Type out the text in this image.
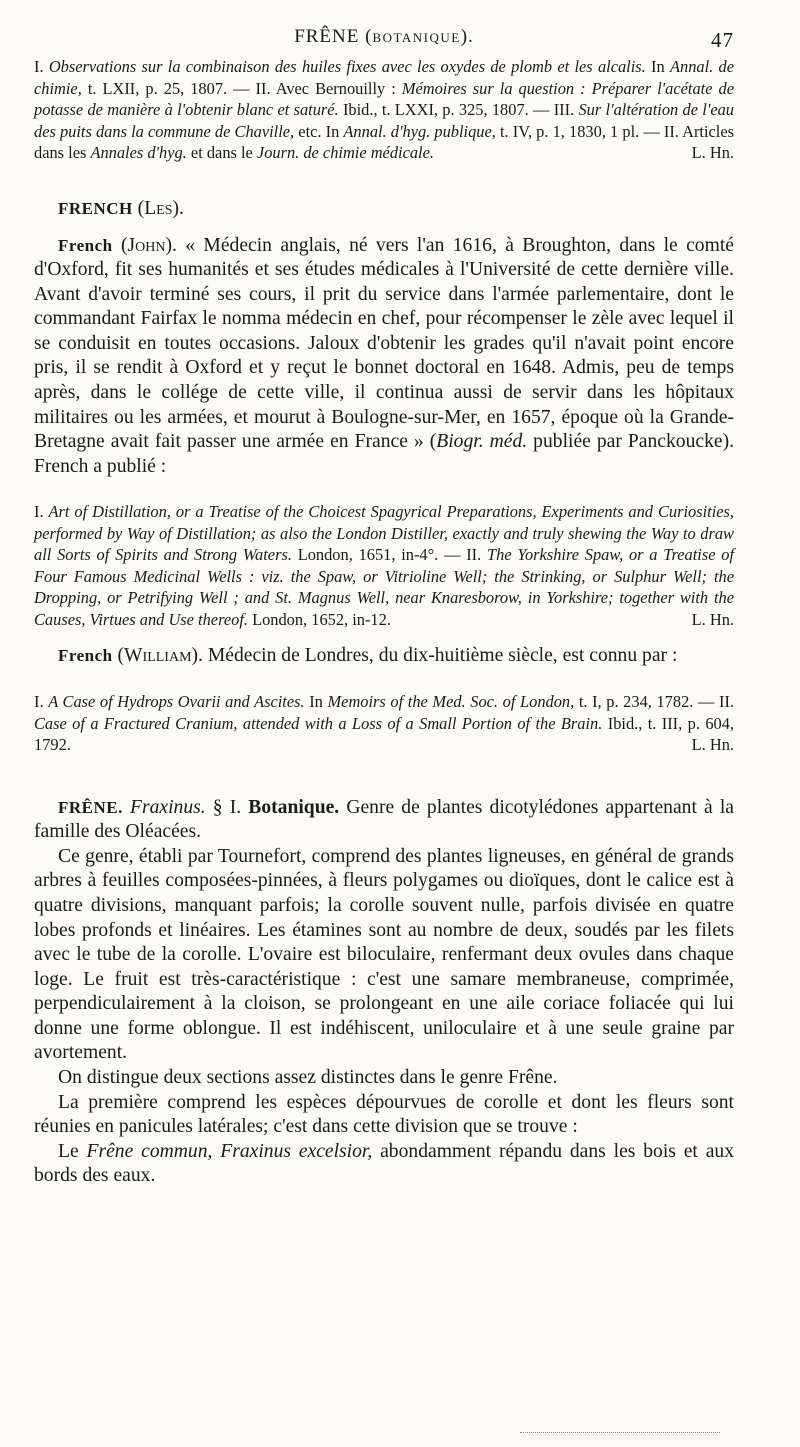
FRÊNE (BOTANIQUE).	47
I. Observations sur la combinaison des huiles fixes avec les oxydes de plomb et les alcalis. In Annal. de chimie, t. LXII, p. 25, 1807. — II. Avec Bernouilly : Mémoires sur la question : Préparer l'acétate de potasse de manière à l'obtenir blanc et saturé. Ibid., t. LXXI, p. 325, 1807. — III. Sur l'altération de l'eau des puits dans la commune de Chaville, etc. In Annal. d'hyg. publique, t. IV, p. 1, 1830, 1 pl. — II. Articles dans les Annales d'hyg. et dans le Journ. de chimie médicale.	L. Hn.
FRENCH (Les).

French (John). « Médecin anglais, né vers l'an 1616, à Broughton, dans le comté d'Oxford, fit ses humanités et ses études médicales à l'Université de cette dernière ville. Avant d'avoir terminé ses cours, il prit du service dans l'armée parlementaire, dont le commandant Fairfax le nomma médecin en chef, pour récompenser le zèle avec lequel il se conduisit en toutes occasions. Jaloux d'obtenir les grades qu'il n'avait point encore pris, il se rendit à Oxford et y reçut le bonnet doctoral en 1648. Admis, peu de temps après, dans le collége de cette ville, il continua aussi de servir dans les hôpitaux militaires ou les armées, et mourut à Boulogne-sur-Mer, en 1657, époque où la Grande-Bretagne avait fait passer une armée en France » (Biogr. méd. publiée par Panckoucke). French a publié :

I. Art of Distillation, or a Treatise of the Choicest Spagyrical Preparations, Experiments and Curiosities, performed by Way of Distillation; as also the London Distiller, exactly and truly shewing the Way to draw all Sorts of Spirits and Strong Waters. London, 1651, in-4°. — II. The Yorkshire Spaw, or a Treatise of Four Famous Medicinal Wells : viz. the Spaw, or Vitrioline Well; the Strinking, or Sulphur Well; the Dropping, or Petrifying Well ; and St. Magnus Well, near Knaresborow, in Yorkshire; together with the Causes, Virtues and Use thereof. London, 1652, in-12.	L. Hn.

French (William). Médecin de Londres, du dix-huitième siècle, est connu par :

I. A Case of Hydrops Ovarii and Ascites. In Memoirs of the Med. Soc. of London, t. I, p. 234, 1782. — II. Case of a Fractured Cranium, attended with a Loss of a Small Portion of the Brain. Ibid., t. III, p. 604, 1792.	L. Hn.

FRÊNE. Fraxinus. § I. Botanique. Genre de plantes dicotylédones appartenant à la famille des Oléacées.

Ce genre, établi par Tournefort, comprend des plantes ligneuses, en général de grands arbres à feuilles composées-pinnées, à fleurs polygames ou dioïques, dont le calice est à quatre divisions, manquant parfois; la corolle souvent nulle, parfois divisée en quatre lobes profonds et linéaires. Les étamines sont au nombre de deux, soudés par les filets avec le tube de la corolle. L'ovaire est biloculaire, renfermant deux ovules dans chaque loge. Le fruit est très-caractéristique : c'est une samare membraneuse, comprimée, perpendiculairement à la cloison, se prolongeant en une aile coriace foliacée qui lui donne une forme oblongue. Il est indéhiscent, uniloculaire et à une seule graine par avortement.

On distingue deux sections assez distinctes dans le genre Frêne.

La première comprend les espèces dépourvues de corolle et dont les fleurs sont réunies en panicules latérales; c'est dans cette division que se trouve :

Le Frêne commun, Fraxinus excelsior, abondamment répandu dans les bois et aux bords des eaux.
